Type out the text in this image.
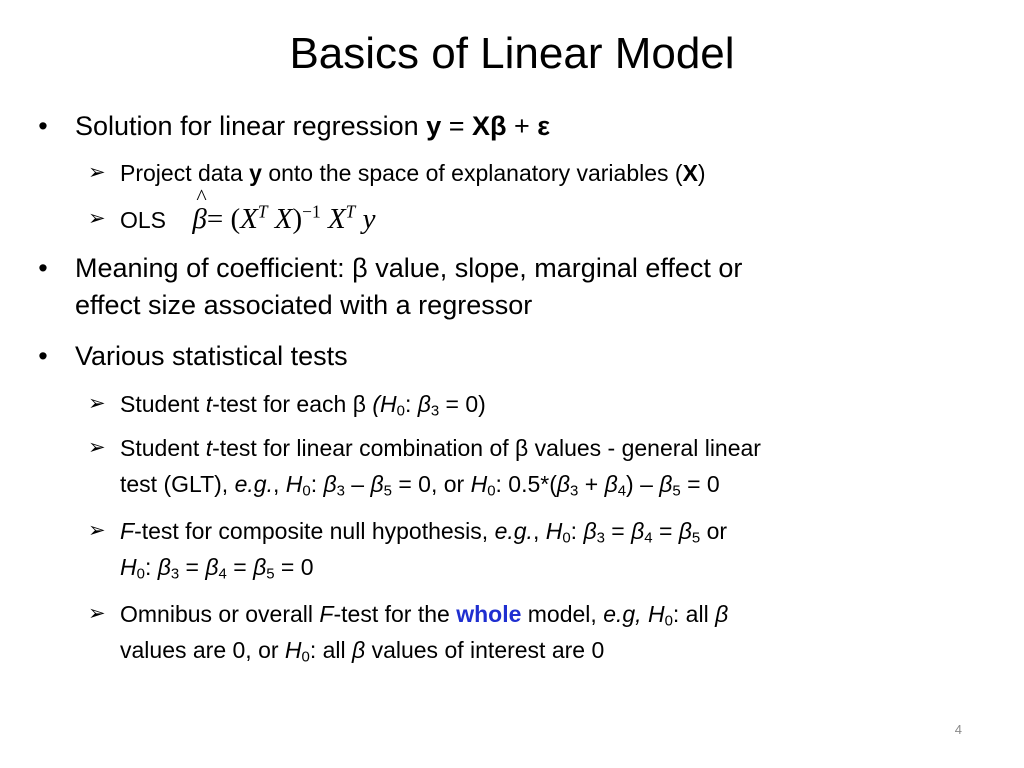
Basics of Linear Model
• Solution for linear regression y = Xβ + ε
➢ Project data y onto the space of explanatory variables (X)
➢ OLS
^
$\beta= (X^T$ X)$^{-1}$ $X^T$ y
• Meaning of coefficient: β value, slope, marginal effect or
effect size associated with a regressor
• Various statistical tests
➢ Student t-test for each β ($H_0$: $\beta_3 = 0$)
➢ Student t-test for linear combination of β values - general linear
test (GLT), e.g., $H_0$: $\beta_3 - \beta_5 = 0$, or $H_0$: $0.5*(\beta_3 + \beta_4) - \beta_5 = 0$
➢ F-test for composite null hypothesis, e.g., $H_0$: $\beta_3 = \beta_4 = \beta_5$ or
$H_0$: $\beta_3 = \beta_4 = \beta_5 = 0$
➢ Omnibus or overall F-test for the whole model, e.g, $H_0$: all β
values are 0, or $H_0$: all β values of interest are 0
4
